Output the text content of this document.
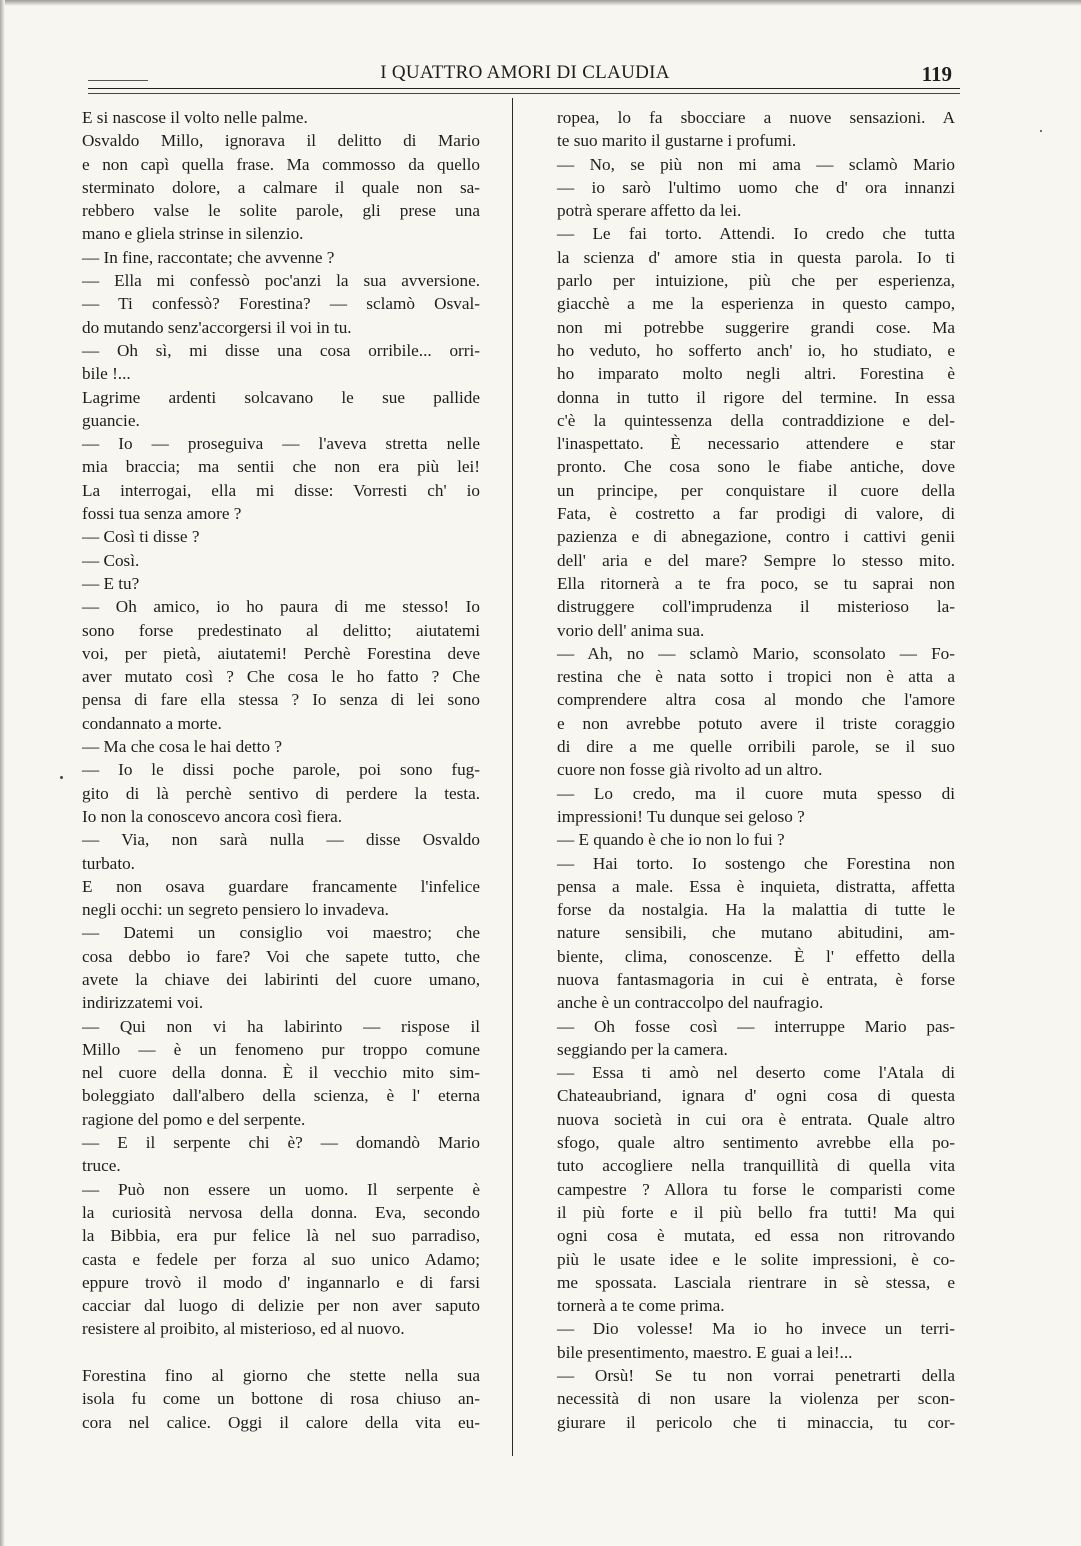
I QUATTRO AMORI DI CLAUDIA	119
E si nascose il volto nelle palme.
Osvaldo Millo, ignorava il delitto di Mario
e non capì quella frase. Ma commosso da quello
sterminato dolore, a calmare il quale non sa-
rebbero valse le solite parole, gli prese una
mano e gliela strinse in silenzio.
— In fine, raccontate; che avvenne ?
— Ella mi confessò poc'anzi la sua avversione.
— Ti confessò? Forestina? — sclamò Osval-
do mutando senz'accorgersi il voi in tu.
— Oh sì, mi disse una cosa orribile... orri-
bile !...
Lagrime ardenti solcavano le sue pallide
guancie.
— Io — proseguiva — l'aveva stretta nelle
mia braccia; ma sentii che non era più lei!
La interrogai, ella mi disse: Vorresti ch' io
fossi tua senza amore ?
— Così ti disse ?
— Così.
— E tu?
— Oh amico, io ho paura di me stesso! Io
sono forse predestinato al delitto; aiutatemi
voi, per pietà, aiutatemi! Perchè Forestina deve
aver mutato così ? Che cosa le ho fatto ? Che
pensa di fare ella stessa ? Io senza di lei sono
condannato a morte.
— Ma che cosa le hai detto ?
— Io le dissi poche parole, poi sono fug-
gito di là perchè sentivo di perdere la testa.
Io non la conoscevo ancora così fiera.
— Via, non sarà nulla — disse Osvaldo
turbato.
E non osava guardare francamente l'infelice
negli occhi: un segreto pensiero lo invadeva.
— Datemi un consiglio voi maestro; che
cosa debbo io fare? Voi che sapete tutto, che
avete la chiave dei labirinti del cuore umano,
indirizzatemi voi.
— Qui non vi ha labirinto — rispose il
Millo — è un fenomeno pur troppo comune
nel cuore della donna. È il vecchio mito sim-
boleggiato dall'albero della scienza, è l' eterna
ragione del pomo e del serpente.
— E il serpente chi è? — domandò Mario
truce.
— Può non essere un uomo. Il serpente è
la curiosità nervosa della donna. Eva, secondo
la Bibbia, era pur felice là nel suo parradiso,
casta e fedele per forza al suo unico Adamo;
eppure trovò il modo d' ingannarlo e di farsi
cacciar dal luogo di delizie per non aver saputo
resistere al proibito, al misterioso, ed al nuovo.
Forestina fino al giorno che stette nella sua
isola fu come un bottone di rosa chiuso an-
cora nel calice. Oggi il calore della vita eu-
ropea, lo fa sbocciare a nuove sensazioni. A
te suo marito il gustarne i profumi.
— No, se più non mi ama — sclamò Mario
— io sarò l'ultimo uomo che d' ora innanzi
potrà sperare affetto da lei.
— Le fai torto. Attendi. Io credo che tutta
la scienza d' amore stia in questa parola. Io ti
parlo per intuizione, più che per esperienza,
giacchè a me la esperienza in questo campo,
non mi potrebbe suggerire grandi cose. Ma
ho veduto, ho sofferto anch' io, ho studiato, e
ho imparato molto negli altri. Forestina è
donna in tutto il rigore del termine. In essa
c'è la quintessenza della contraddizione e del-
l'inaspettato. È necessario attendere e star
pronto. Che cosa sono le fiabe antiche, dove
un principe, per conquistare il cuore della
Fata, è costretto a far prodigi di valore, di
pazienza e di abnegazione, contro i cattivi genii
dell' aria e del mare? Sempre lo stesso mito.
Ella ritornerà a te fra poco, se tu saprai non
distruggere coll'imprudenza il misterioso la-
vorio dell' anima sua.
— Ah, no — sclamò Mario, sconsolato — Fo-
restina che è nata sotto i tropici non è atta a
comprendere altra cosa al mondo che l'amore
e non avrebbe potuto avere il triste coraggio
di dire a me quelle orribili parole, se il suo
cuore non fosse già rivolto ad un altro.
— Lo credo, ma il cuore muta spesso di
impressioni! Tu dunque sei geloso ?
— E quando è che io non lo fui ?
— Hai torto. Io sostengo che Forestina non
pensa a male. Essa è inquieta, distratta, affetta
forse da nostalgia. Ha la malattia di tutte le
nature sensibili, che mutano abitudini, am-
biente, clima, conoscenze. È l' effetto della
nuova fantasmagoria in cui è entrata, è forse
anche è un contraccolpo del naufragio.
— Oh fosse così — interruppe Mario pas-
seggiando per la camera.
— Essa ti amò nel deserto come l'Atala di
Chateaubriand, ignara d' ogni cosa di questa
nuova società in cui ora è entrata. Quale altro
sfogo, quale altro sentimento avrebbe ella po-
tuto accogliere nella tranquillità di quella vita
campestre ? Allora tu forse le comparisti come
il più forte e il più bello fra tutti! Ma qui
ogni cosa è mutata, ed essa non ritrovando
più le usate idee e le solite impressioni, è co-
me spossata. Lasciala rientrare in sè stessa, e
tornerà a te come prima.
— Dio volesse! Ma io ho invece un terri-
bile presentimento, maestro. E guai a lei!...
— Orsù! Se tu non vorrai penetrarti della
necessità di non usare la violenza per scon-
giurare il pericolo che ti minaccia, tu cor-
